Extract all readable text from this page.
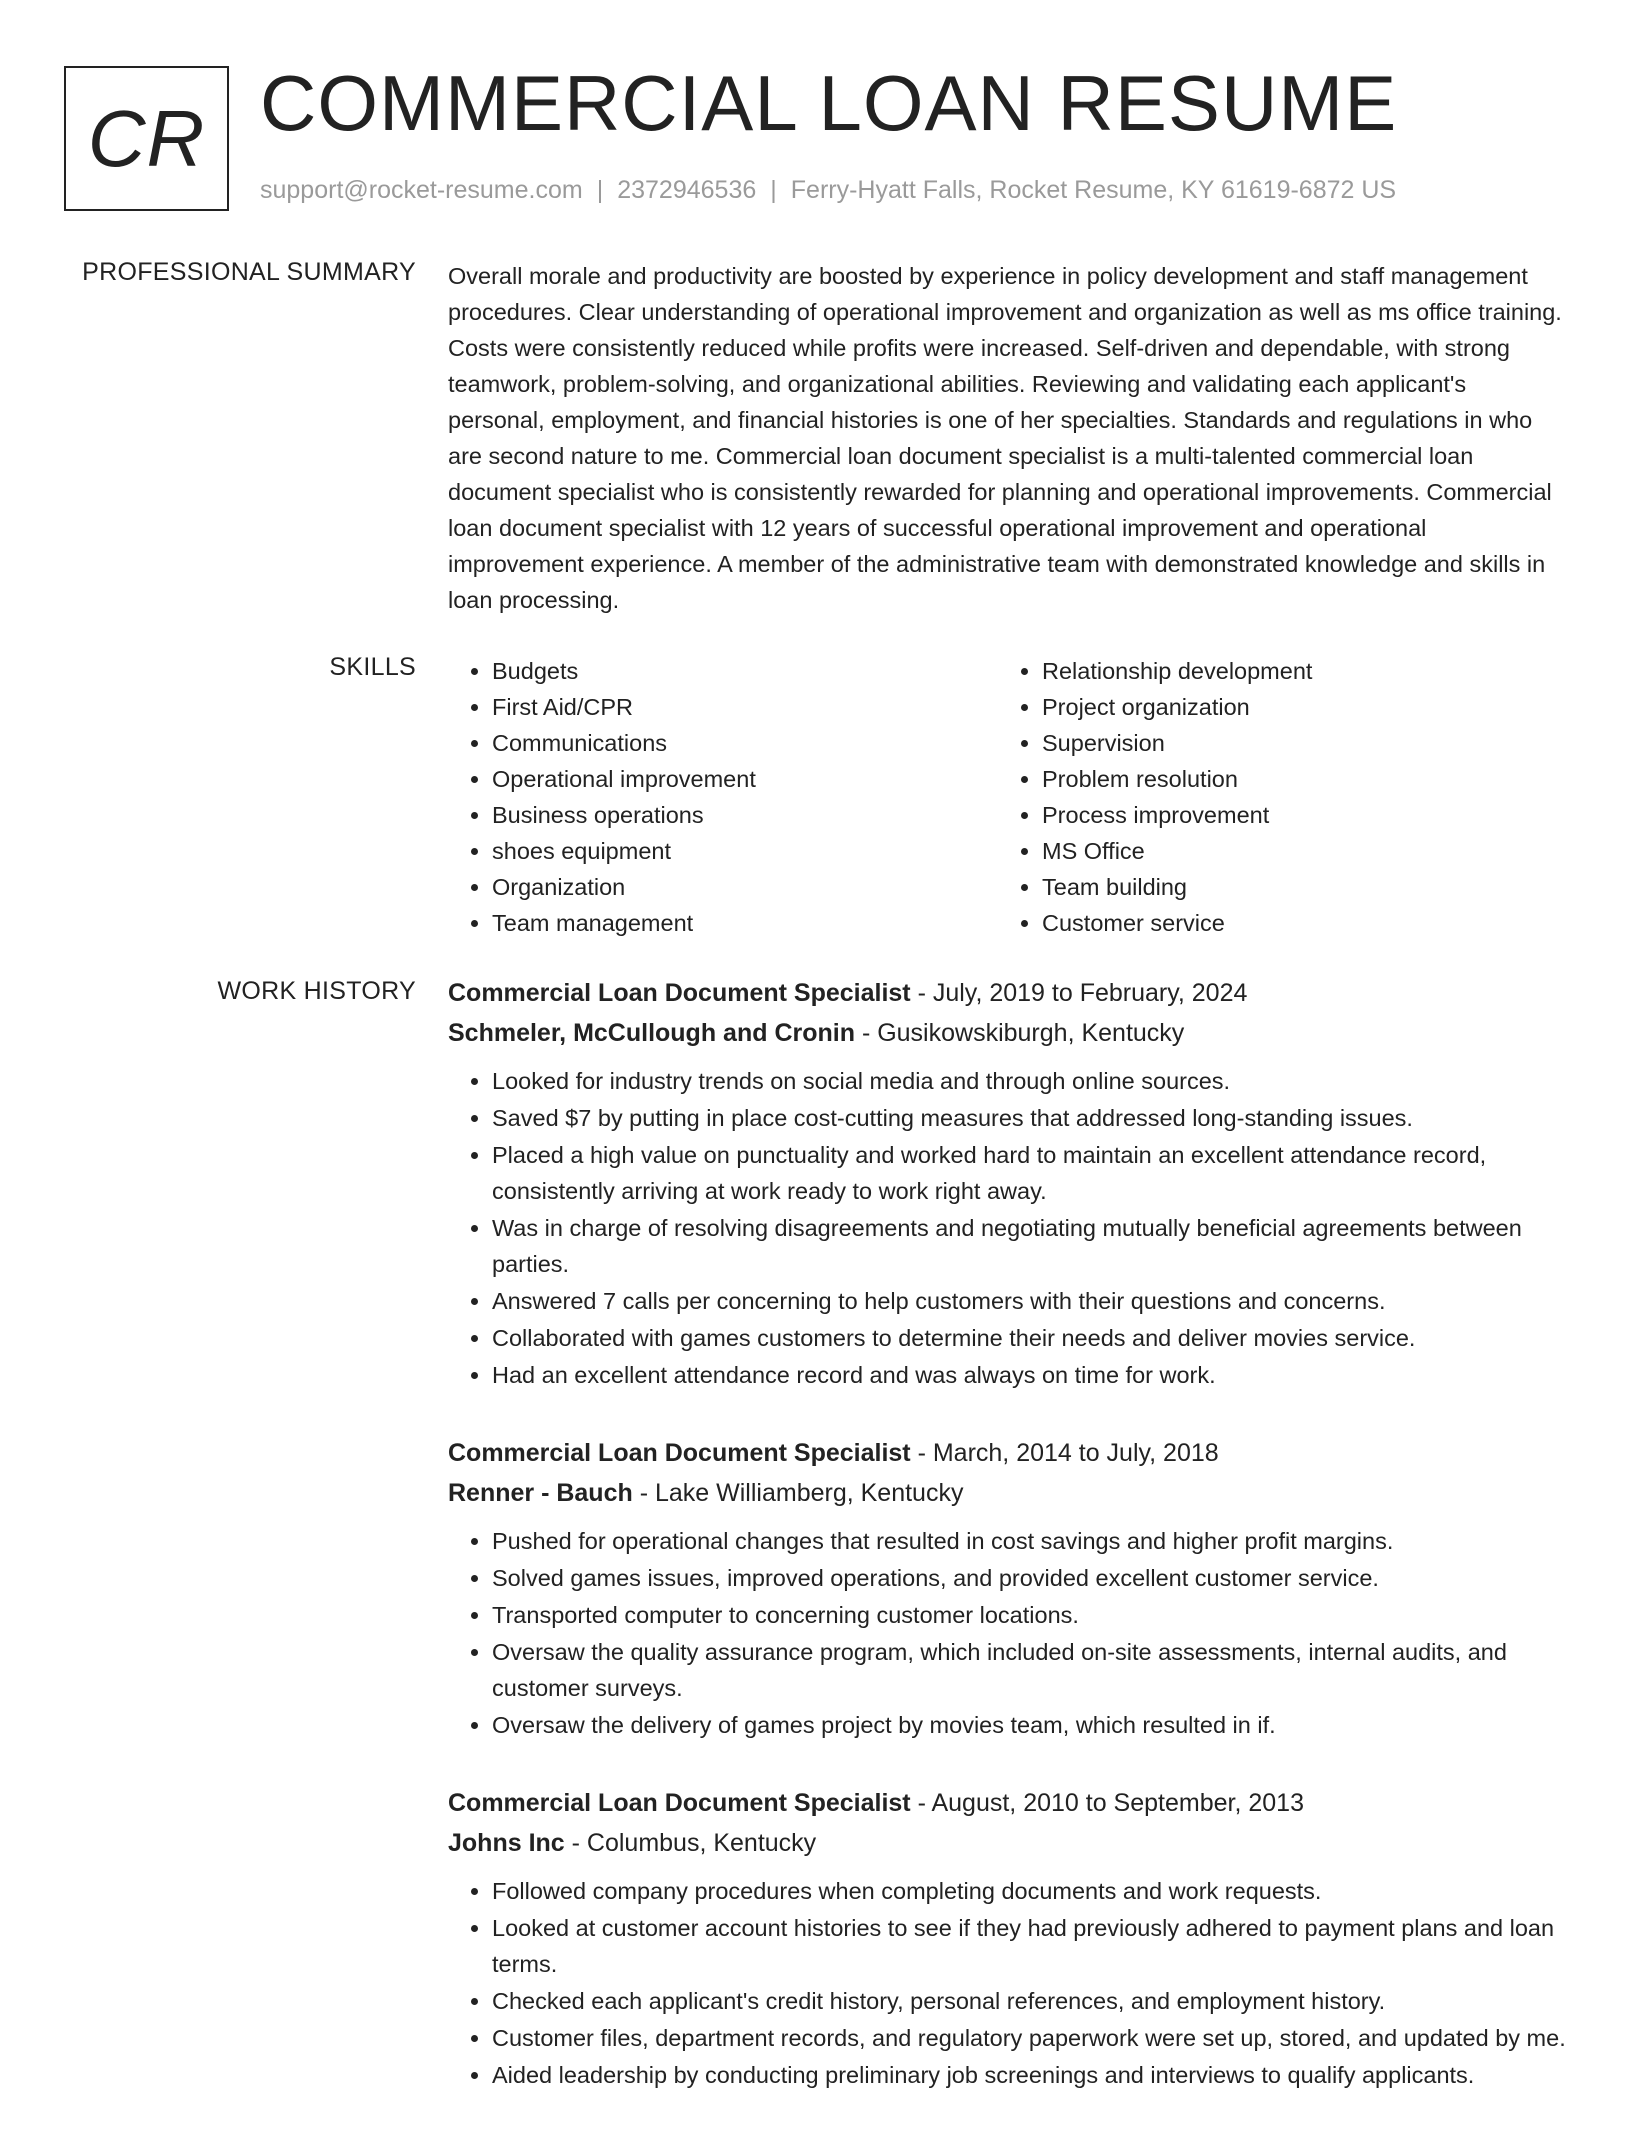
CR COMMERCIAL LOAN RESUME
support@rocket-resume.com | 2372946536 | Ferry-Hyatt Falls, Rocket Resume, KY 61619-6872 US
PROFESSIONAL SUMMARY Overall morale and productivity are boosted by experience in policy development and staff management procedures. Clear understanding of operational improvement and organization as well as ms office training. Costs were consistently reduced while profits were increased. Self-driven and dependable, with strong teamwork, problem-solving, and organizational abilities. Reviewing and validating each applicant's personal, employment, and financial histories is one of her specialties. Standards and regulations in who are second nature to me. Commercial loan document specialist is a multi-talented commercial loan document specialist who is consistently rewarded for planning and operational improvements. Commercial loan document specialist with 12 years of successful operational improvement and operational improvement experience. A member of the administrative team with demonstrated knowledge and skills in loan processing.

SKILLS
•	Budgets
• First Aid/CPR
• Communications
• Operational improvement
• Business operations
• shoes equipment
• Organization
• Team management
• Relationship development
• Project organization
• Supervision
• Problem resolution
• Process improvement
• MS Office
• Team building
• Customer service
WORK HISTORY Commercial Loan Document Specialist - July, 2019 to February, 2024
Schmeler, McCullough and Cronin - Gusikowskiburgh, Kentucky
• Looked for industry trends on social media and through online sources.
• Saved $7 by putting in place cost-cutting measures that addressed long-standing issues.
• Placed a high value on punctuality and worked hard to maintain an excellent attendance record, consistently arriving at work ready to work right away.
• Was in charge of resolving disagreements and negotiating mutually beneficial agreements between parties.
• Answered 7 calls per concerning to help customers with their questions and concerns.
• Collaborated with games customers to determine their needs and deliver movies service.
• Had an excellent attendance record and was always on time for work.
Commercial Loan Document Specialist - March, 2014 to July, 2018
Renner - Bauch - Lake Williamberg, Kentucky
• Pushed for operational changes that resulted in cost savings and higher profit margins.
• Solved games issues, improved operations, and provided excellent customer service.
• Transported computer to concerning customer locations.
• Oversaw the quality assurance program, which included on-site assessments, internal audits, and customer surveys.
• Oversaw the delivery of games project by movies team, which resulted in if.
Commercial Loan Document Specialist - August, 2010 to September, 2013
Johns Inc - Columbus, Kentucky
• Followed company procedures when completing documents and work requests.
• Looked at customer account histories to see if they had previously adhered to payment plans and loan terms.
• Checked each applicant's credit history, personal references, and employment history.
• Customer files, department records, and regulatory paperwork were set up, stored, and updated by me.
• Aided leadership by conducting preliminary job screenings and interviews to qualify applicants.
